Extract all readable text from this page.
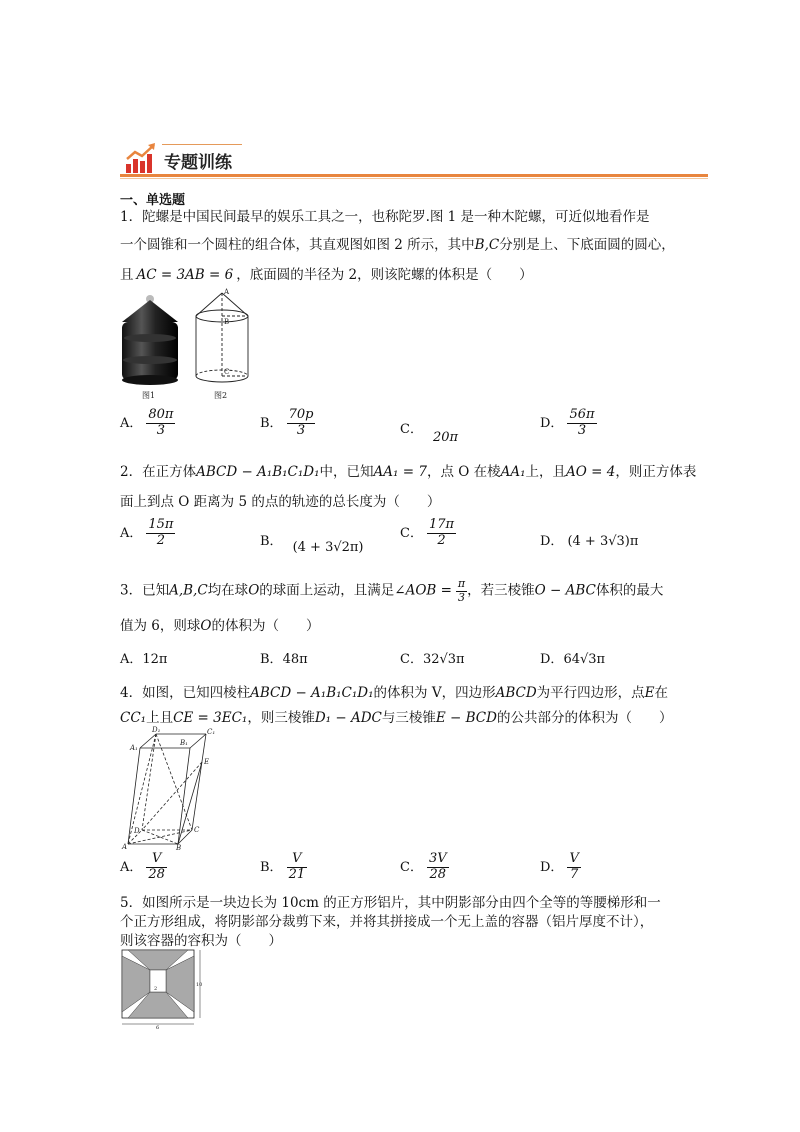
专题训练
一、单选题
1．陀螺是中国民间最早的娱乐工具之一，也称陀罗.图 1 是一种木陀螺，可近似地看作是
一个圆锥和一个圆柱的组合体，其直观图如图 2 所示，其中B,C分别是上、下底面圆的圆心，
且 AC = 3AB = 6 ，底面圆的半径为 2，则该陀螺的体积是（　　）
A
B
C
图1	图2
A． $\frac{80\pi}{3}$	B． $\frac{70p}{3}$	C．20π
D． $\frac{56\pi}{3}$
2．在正方体ABCD − A₁B₁C₁D₁中，已知AA₁ = 7，点 O 在棱AA₁上，且AO = 4，则正方体表
面上到点 O 距离为 5 的点的轨迹的总长度为（　　）
A． $\frac{15\pi}{2}$	B． (4 + 3√2π)
C． $\frac{17\pi}{2}$	D． (4 + 3√3)π
3．已知A,B,C均在球O的球面上运动，且满足∠AOB = $\frac{\pi}{3}$ ，若三棱锥O − ABC体积的最大
值为 6，则球O的体积为（　　）
A．12π	B．48π	C．32√3π	D．64√3π
4．如图，已知四棱柱ABCD − A₁B₁C₁D₁的体积为 V，四边形ABCD为平行四边形，点E在
CC₁上且CE = 3EC₁，则三棱锥D₁ − ADC与三棱锥E − BCD的公共部分的体积为（　　）
D₁	C₁
A₁
B₁
E
D	C
A	B
A． $\frac{V}{28}$	B． $\frac{V}{21}$	C． $\frac{3V}{28}$	D． $\frac{V}{7}$
5．如图所示是一块边长为 10cm 的正方形铝片，其中阴影部分由四个全等的等腰梯形和一
个正方形组成，将阴影部分裁剪下来，并将其拼接成一个无上盖的容器（铝片厚度不计），
则该容器的容积为（　　）
10
6
2
